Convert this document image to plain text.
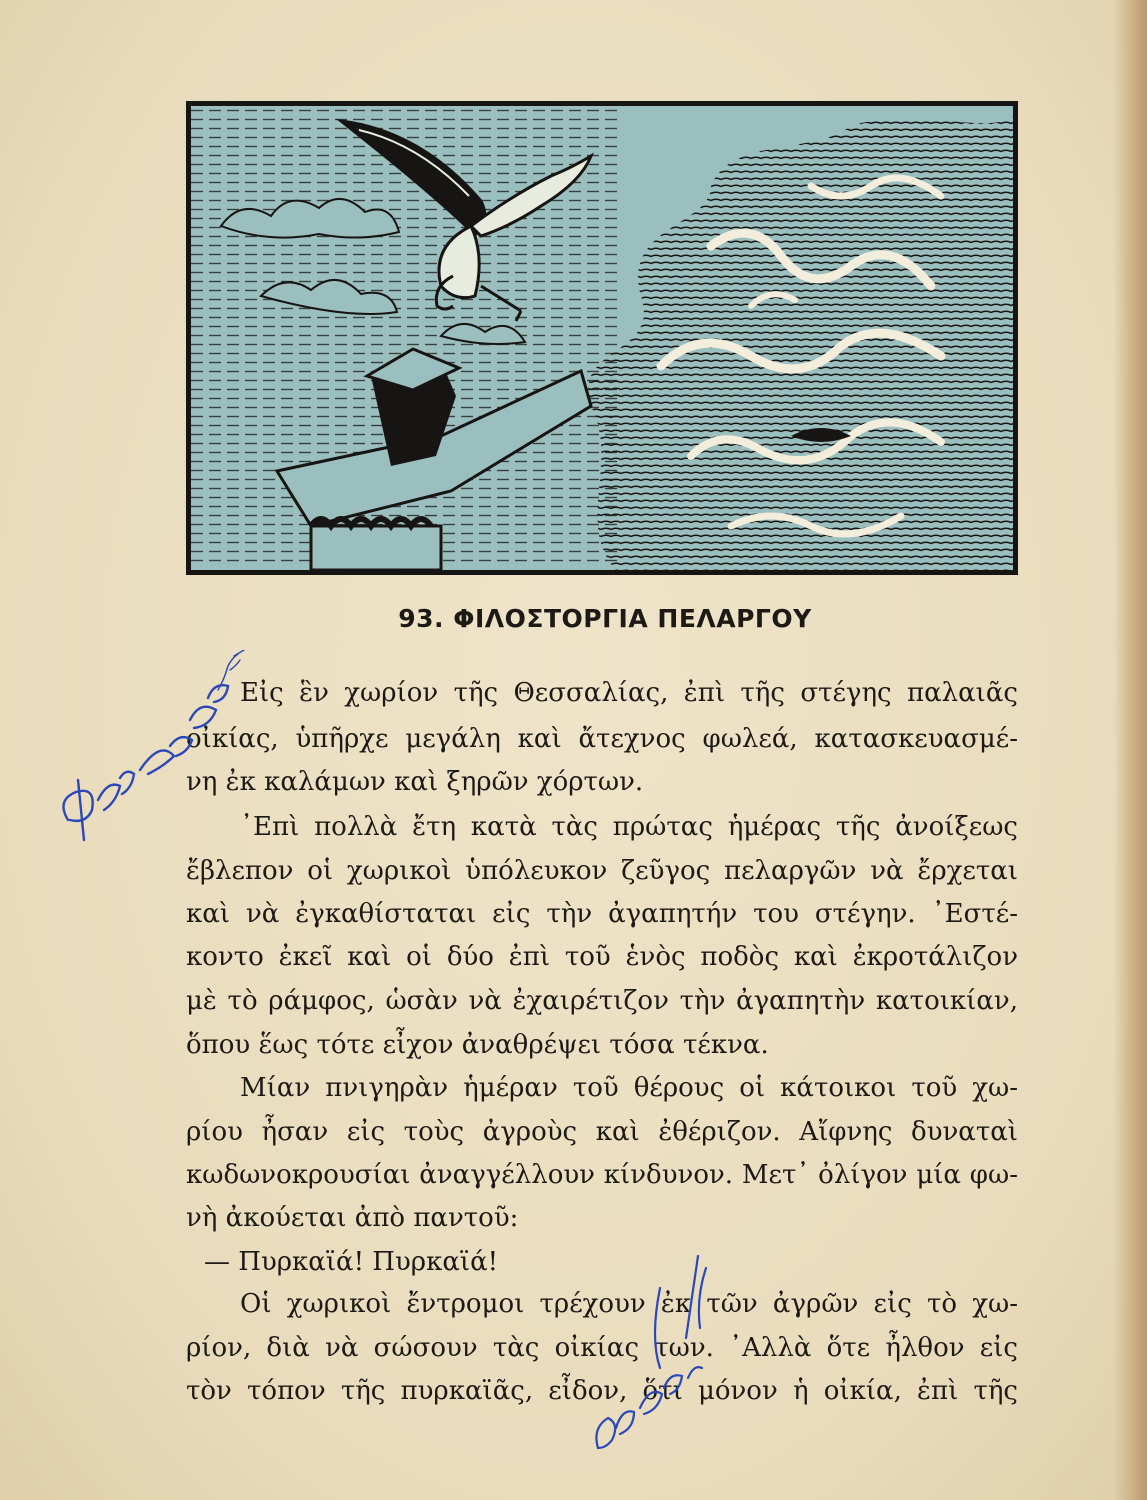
93. ΦΙΛΟΣΤΟΡΓΙΑ ΠΕΛΑΡΓΟΥ
Εἰς ἓν χωρίον τῆς Θεσσαλίας, ἐπὶ τῆς στέγης παλαιᾶς
οἰκίας, ὑπῆρχε μεγάλη καὶ ἄτεχνος φωλεά, κατασκευασμέ-
νη ἐκ καλάμων καὶ ξηρῶν χόρτων.
᾿Επὶ πολλὰ ἔτη κατὰ τὰς πρώτας ἡμέρας τῆς ἀνοίξεως
ἔβλεπον οἱ χωρικοὶ ὑπόλευκον ζεῦγος πελαργῶν νὰ ἔρχεται
καὶ νὰ ἐγκαθίσταται εἰς τὴν ἀγαπητήν του στέγην. ᾿Εστέ-
κοντο ἐκεῖ καὶ οἱ δύο ἐπὶ τοῦ ἑνὸς ποδὸς καὶ ἐκροτάλιζον
μὲ τὸ ράμφος, ὡσὰν νὰ ἐχαιρέτιζον τὴν ἀγαπητὴν κατοικίαν,
ὅπου ἕως τότε εἶχον ἀναθρέψει τόσα τέκνα.
Μίαν πνιγηρὰν ἡμέραν τοῦ θέρους οἱ κάτοικοι τοῦ χω-
ρίου ἦσαν εἰς τοὺς ἀγροὺς καὶ ἐθέριζον. Αἴφνης δυναταὶ
κωδωνοκρουσίαι ἀναγγέλλουν κίνδυνον. Μετ᾿ ὀλίγον μία φω-
νὴ ἀκούεται ἀπὸ παντοῦ:
— Πυρκαϊά! Πυρκαϊά!
Οἱ χωρικοὶ ἔντρομοι τρέχουν ἐκ τῶν ἀγρῶν εἰς τὸ χω-
ρίον, διὰ νὰ σώσουν τὰς οἰκίας των. ᾿Αλλὰ ὅτε ἦλθον εἰς
τὸν τόπον τῆς πυρκαϊᾶς, εἶδον, ὅτι μόνον ἡ οἰκία, ἐπὶ τῆς
